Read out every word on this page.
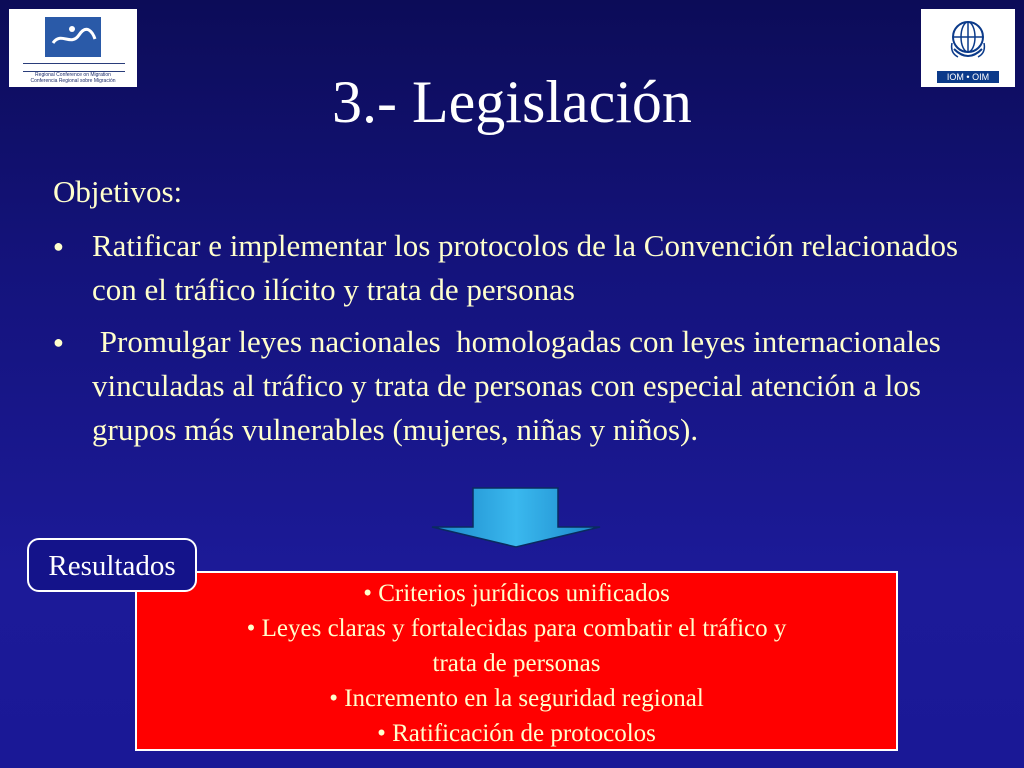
Regional Conference on Migration
Conferencia Regional sobre Migración	IOM • OIM
3.- Legislación
Objetivos:
● Ratificar e implementar los protocolos de la Convención relacionados con el tráfico ilícito y trata de personas
● Promulgar leyes nacionales  homologadas con leyes internacionales vinculadas al tráfico y trata de personas con especial atención a los grupos más vulnerables (mujeres, niñas y niños).
• Criterios jurídicos unificados
• Leyes claras y fortalecidas para combatir el tráfico y
trata de personas
• Incremento en la seguridad regional
• Ratificación de protocolos
Resultados
